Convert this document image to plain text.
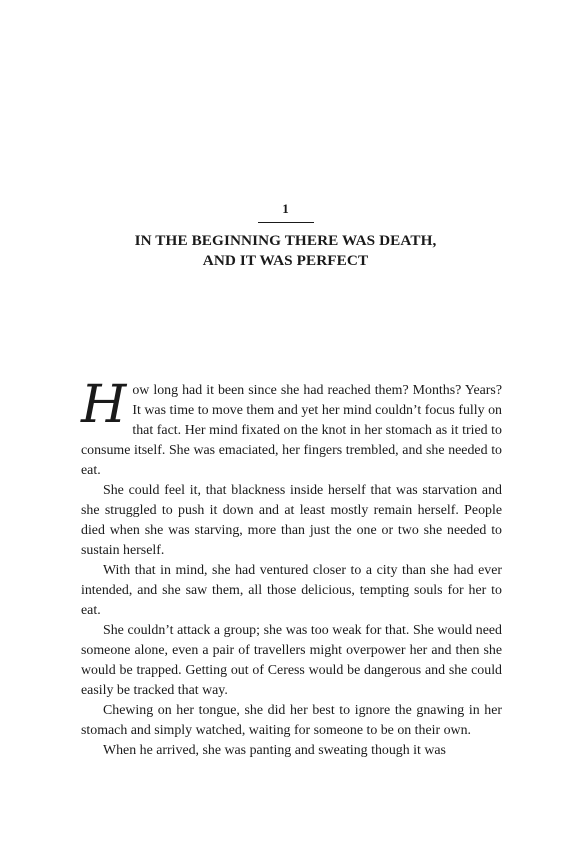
1
IN THE BEGINNING THERE WAS DEATH,
AND IT WAS PERFECT

How long had it been since she had reached them? Months? Years? It was time to move them and yet her mind couldn’t focus fully on that fact. Her mind fixated on the knot in her stomach as it tried to consume itself. She was emaciated, her fingers trembled, and she needed to eat.

She could feel it, that blackness inside herself that was starvation and she struggled to push it down and at least mostly remain herself. People died when she was starving, more than just the one or two she needed to sustain herself.

With that in mind, she had ventured closer to a city than she had ever intended, and she saw them, all those delicious, tempting souls for her to eat.

She couldn’t attack a group; she was too weak for that. She would need someone alone, even a pair of travellers might overpower her and then she would be trapped. Getting out of Ceress would be dangerous and she could easily be tracked that way.

Chewing on her tongue, she did her best to ignore the gnawing in her stomach and simply watched, waiting for someone to be on their own.

When he arrived, she was panting and sweating though it was
